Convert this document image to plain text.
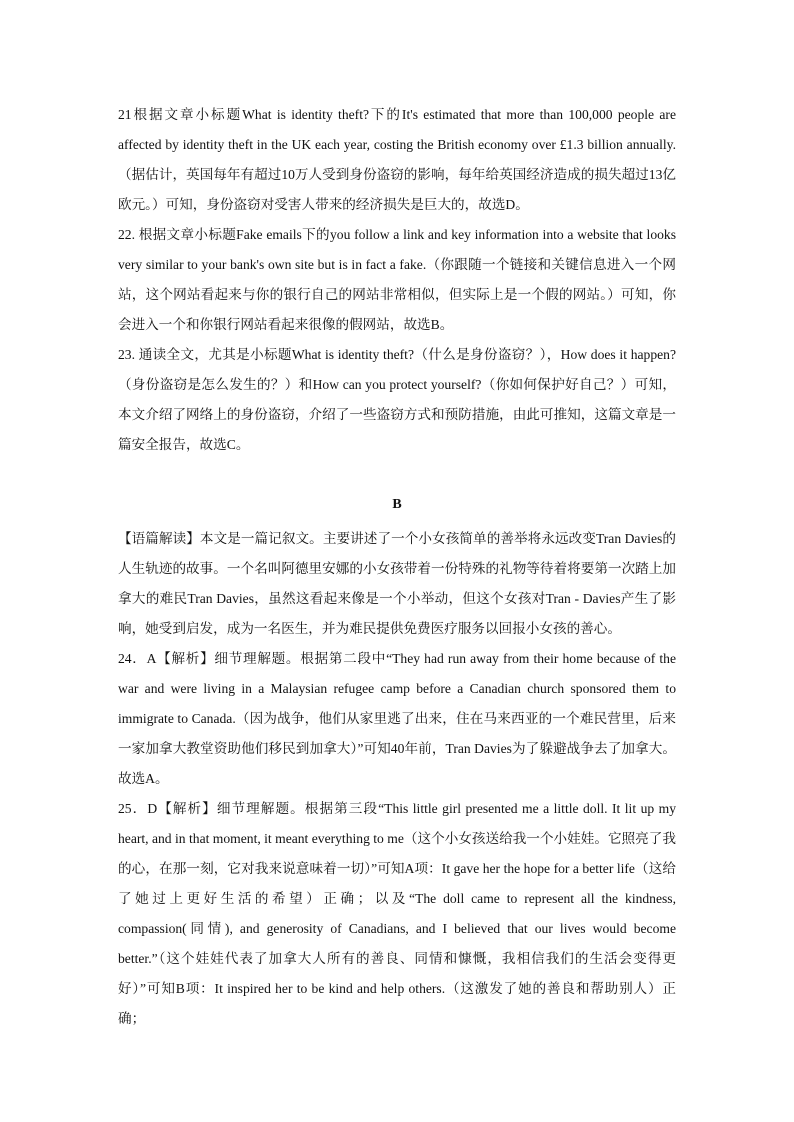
21根据文章小标题What is identity theft?下的It's estimated that more than 100,000 people are affected by identity theft in the UK each year, costing the British economy over £1.3 billion annually.（据估计，英国每年有超过10万人受到身份盗窃的影响，每年给英国经济造成的损失超过13亿欧元。）可知，身份盗窃对受害人带来的经济损失是巨大的，故选D。

22. 根据文章小标题Fake emails下的you follow a link and key information into a website that looks very similar to your bank's own site but is in fact a fake.（你跟随一个链接和关键信息进入一个网站，这个网站看起来与你的银行自己的网站非常相似，但实际上是一个假的网站。）可知，你会进入一个和你银行网站看起来很像的假网站，故选B。

23. 通读全文，尤其是小标题What is identity theft?（什么是身份盗窃？），How does it happen?（身份盗窃是怎么发生的？）和How can you protect yourself?（你如何保护好自己？）可知，本文介绍了网络上的身份盗窃，介绍了一些盗窃方式和预防措施，由此可推知，这篇文章是一篇安全报告，故选C。

B

【语篇解读】本文是一篇记叙文。主要讲述了一个小女孩简单的善举将永远改变Tran Davies的人生轨迹的故事。一个名叫阿德里安娜的小女孩带着一份特殊的礼物等待着将要第一次踏上加拿大的难民Tran Davies，虽然这看起来像是一个小举动，但这个女孩对Tran - Davies产生了影响，她受到启发，成为一名医生，并为难民提供免费医疗服务以回报小女孩的善心。

24．A【解析】细节理解题。根据第二段中“They had run away from their home because of the war and were living in a Malaysian refugee camp before a Canadian church sponsored them to immigrate to Canada.（因为战争，他们从家里逃了出来，住在马来西亚的一个难民营里，后来一家加拿大教堂资助他们移民到加拿大）”可知40年前，Tran Davies为了躲避战争去了加拿大。故选A。

25．D【解析】细节理解题。根据第三段“This little girl presented me a little doll. It lit up my heart, and in that moment, it meant everything to me（这个小女孩送给我一个小娃娃。它照亮了我的心，在那一刻，它对我来说意味着一切）”可知A项：It gave her the hope for a better life（这给了她过上更好生活的希望）正确；以及“The doll came to represent all the kindness, compassion(同情), and generosity of Canadians, and I believed that our lives would become better.”（这个娃娃代表了加拿大人所有的善良、同情和慷慨，我相信我们的生活会变得更好）”可知B项：It inspired her to be kind and help others.（这激发了她的善良和帮助别人）正确；
